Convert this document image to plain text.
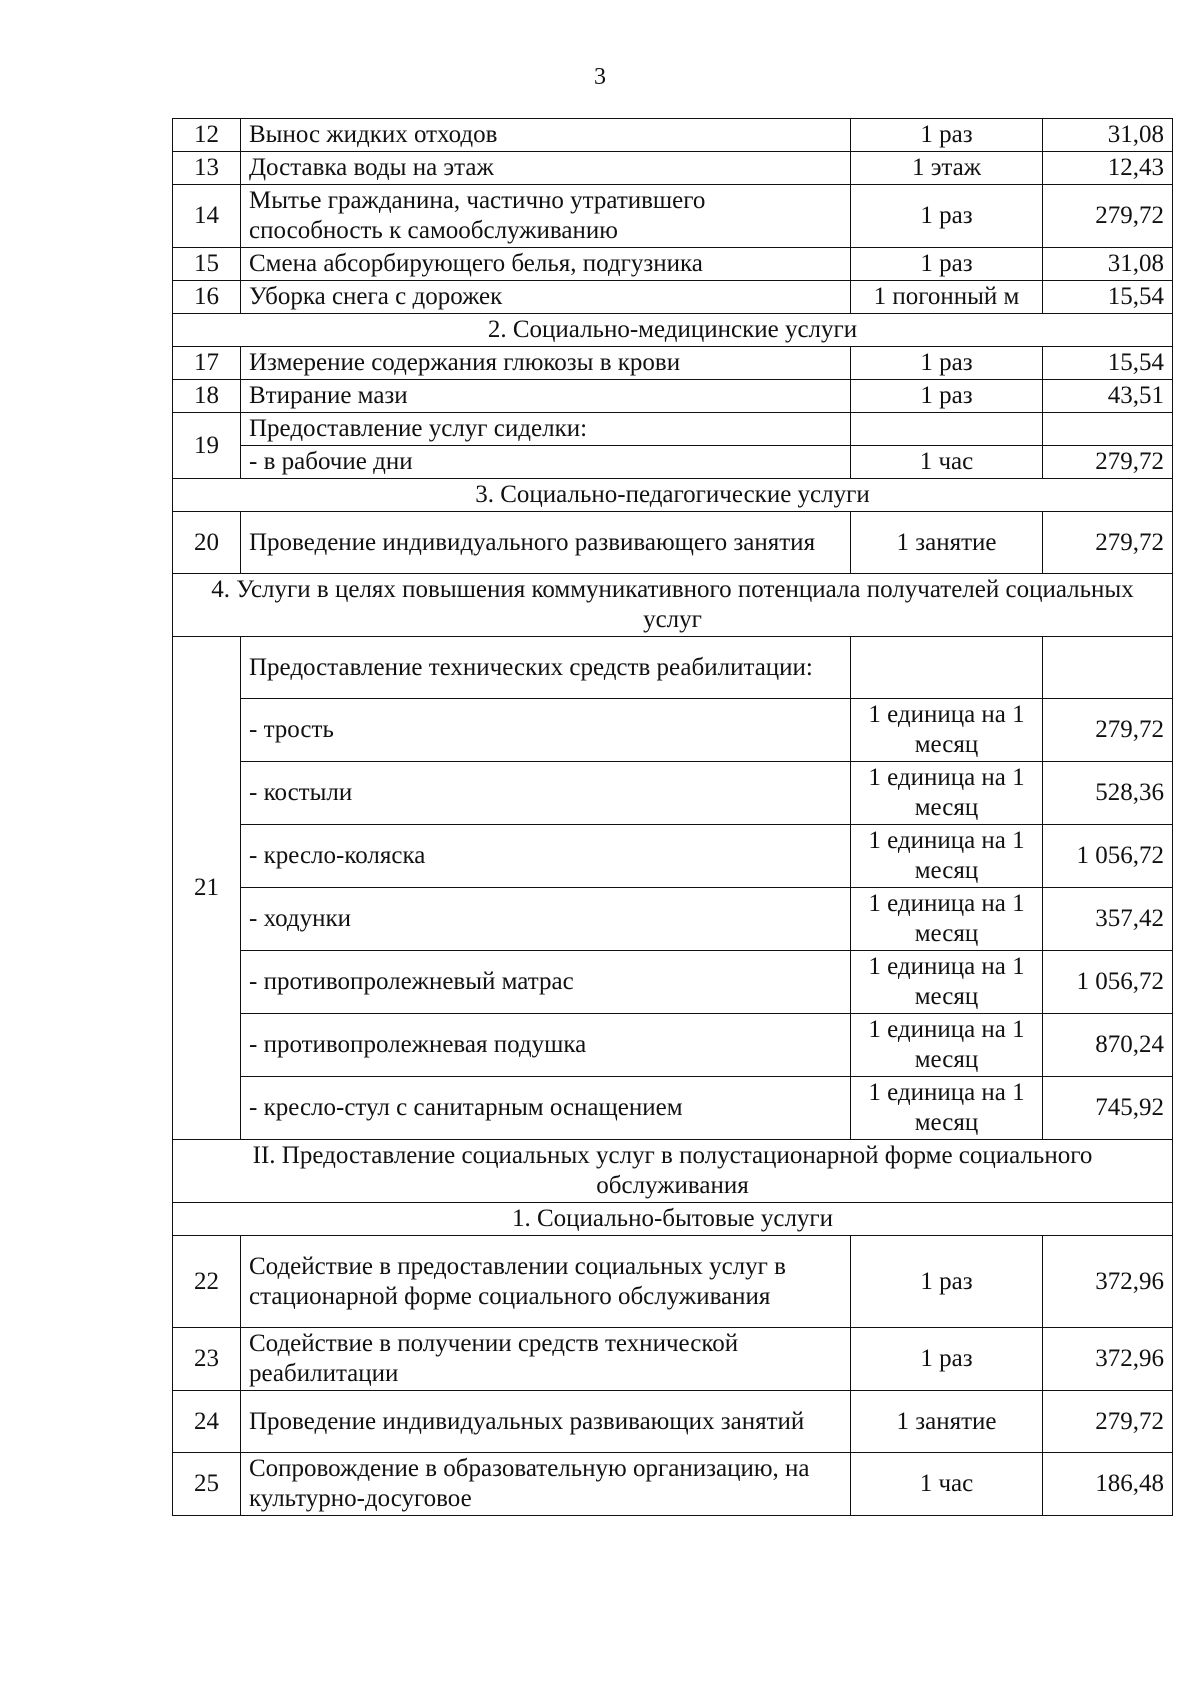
3
12	Вынос жидких отходов	1 раз	31,08
13	Доставка воды на этаж	1 этаж	12,43
14	Мытье гражданина, частично утратившего способность к самообслуживанию	1 раз	279,72
15	Смена абсорбирующего белья, подгузника	1 раз	31,08
16	Уборка снега с дорожек	1 погонный м	15,54
2. Социально-медицинские услуги			
17	Измерение содержания глюкозы в крови	1 раз	15,54
18	Втирание мази	1 раз	43,51
19	Предоставление услуг сиделки:		
	- в рабочие дни	1 час	279,72
3. Социально-педагогические услуги			
20	Проведение индивидуального развивающего занятия	1 занятие	279,72
4. Услуги в целях повышения коммуникативного потенциала получателей социальных услуг			
21	Предоставление технических средств реабилитации:		
	- трость	1 единица на 1 месяц	279,72
	- костыли	1 единица на 1 месяц	528,36
	- кресло-коляска	1 единица на 1 месяц	1 056,72
	- ходунки	1 единица на 1 месяц	357,42
	- противопролежневый матрас	1 единица на 1 месяц	1 056,72
	- противопролежневая подушка	1 единица на 1 месяц	870,24
	- кресло-стул с санитарным оснащением	1 единица на 1 месяц	745,92
II. Предоставление социальных услуг в полустационарной форме социального обслуживания			
1. Социально-бытовые услуги			
22	Содействие в предоставлении социальных услуг в стационарной форме социального обслуживания	1 раз	372,96
23	Содействие в получении средств технической реабилитации	1 раз	372,96
24	Проведение индивидуальных развивающих занятий	1 занятие	279,72
25	Сопровождение в образовательную организацию, на культурно-досуговое	1 час	186,48
